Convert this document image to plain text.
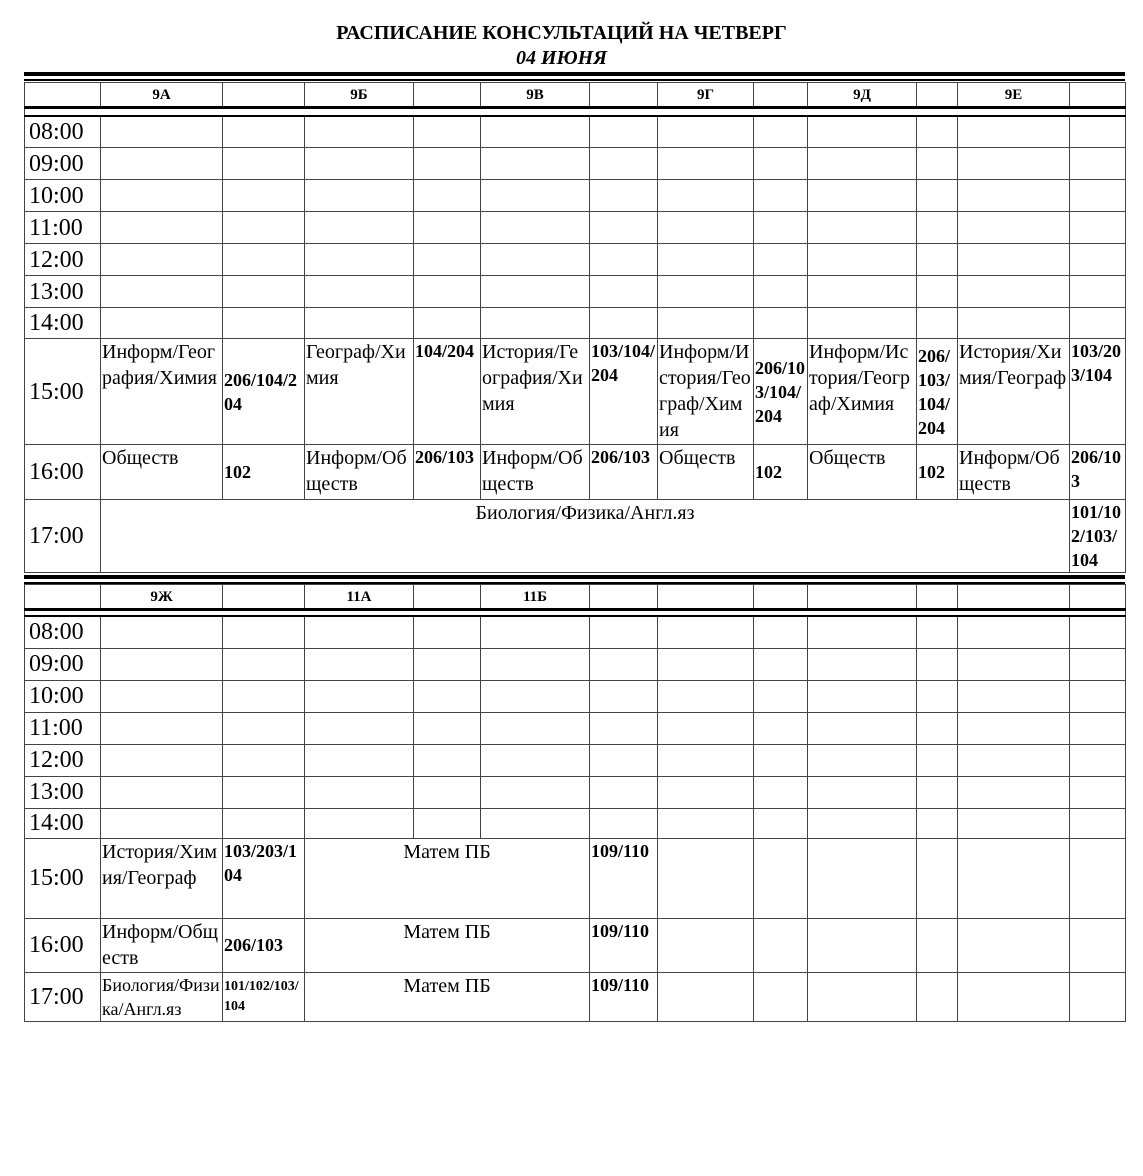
РАСПИСАНИЕ КОНСУЛЬТАЦИЙ НА ЧЕТВЕРГ
04 ИЮНЯ
	9А		9Б		9В		9Г		9Д		9Е	

08:00												
09:00												
10:00												
11:00												
12:00												
13:00												
14:00												
15:00	Информ/География/Химия	206/104/204	Географ/Химия	104/204	История/География/Химия	103/104/204	Информ/История/Географ/Химия	206/103/104/204	Информ/История/Географ/Химия	206/103/104/204	История/Химия/Географ	103/203/104
16:00	Обществ	102	Информ/Обществ	206/103	Информ/Обществ	206/103	Обществ	102	Обществ	102	Информ/Обществ	206/103
17:00	Биология/Физика/Англ.яз											101/102/103/104
	9Ж		11А		11Б							

08:00												
09:00												
10:00												
11:00												
12:00												
13:00												
14:00												
15:00	История/Химия/Географ	103/203/104	Матем ПБ			109/110						
16:00	Информ/Обществ	206/103	Матем ПБ			109/110						
17:00	Биология/Физика/Англ.яз	101/102/103/104	Матем ПБ			109/110						
